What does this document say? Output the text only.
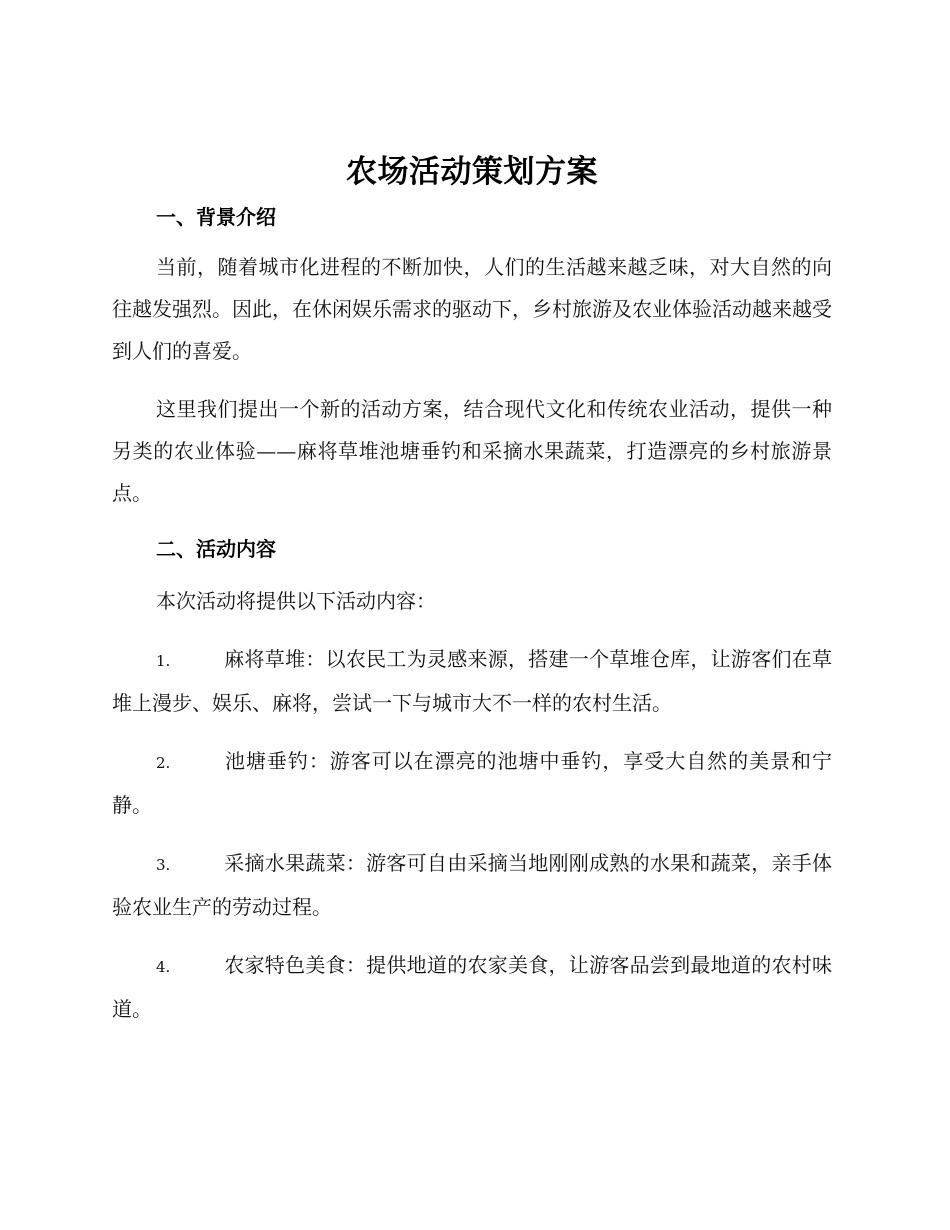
农场活动策划方案
一、背景介绍

当前，随着城市化进程的不断加快，人们的生活越来越乏味，对大自然的向往越发强烈。因此，在休闲娱乐需求的驱动下，乡村旅游及农业体验活动越来越受到人们的喜爱。

这里我们提出一个新的活动方案，结合现代文化和传统农业活动，提供一种另类的农业体验——麻将草堆池塘垂钓和采摘水果蔬菜，打造漂亮的乡村旅游景点。

二、活动内容

本次活动将提供以下活动内容：

1.	麻将草堆：以农民工为灵感来源，搭建一个草堆仓库，让游客们在草堆上漫步、娱乐、麻将，尝试一下与城市大不一样的农村生活。

2.	池塘垂钓：游客可以在漂亮的池塘中垂钓，享受大自然的美景和宁静。

3.	采摘水果蔬菜：游客可自由采摘当地刚刚成熟的水果和蔬菜，亲手体验农业生产的劳动过程。

4.	农家特色美食：提供地道的农家美食，让游客品尝到最地道的农村味道。
